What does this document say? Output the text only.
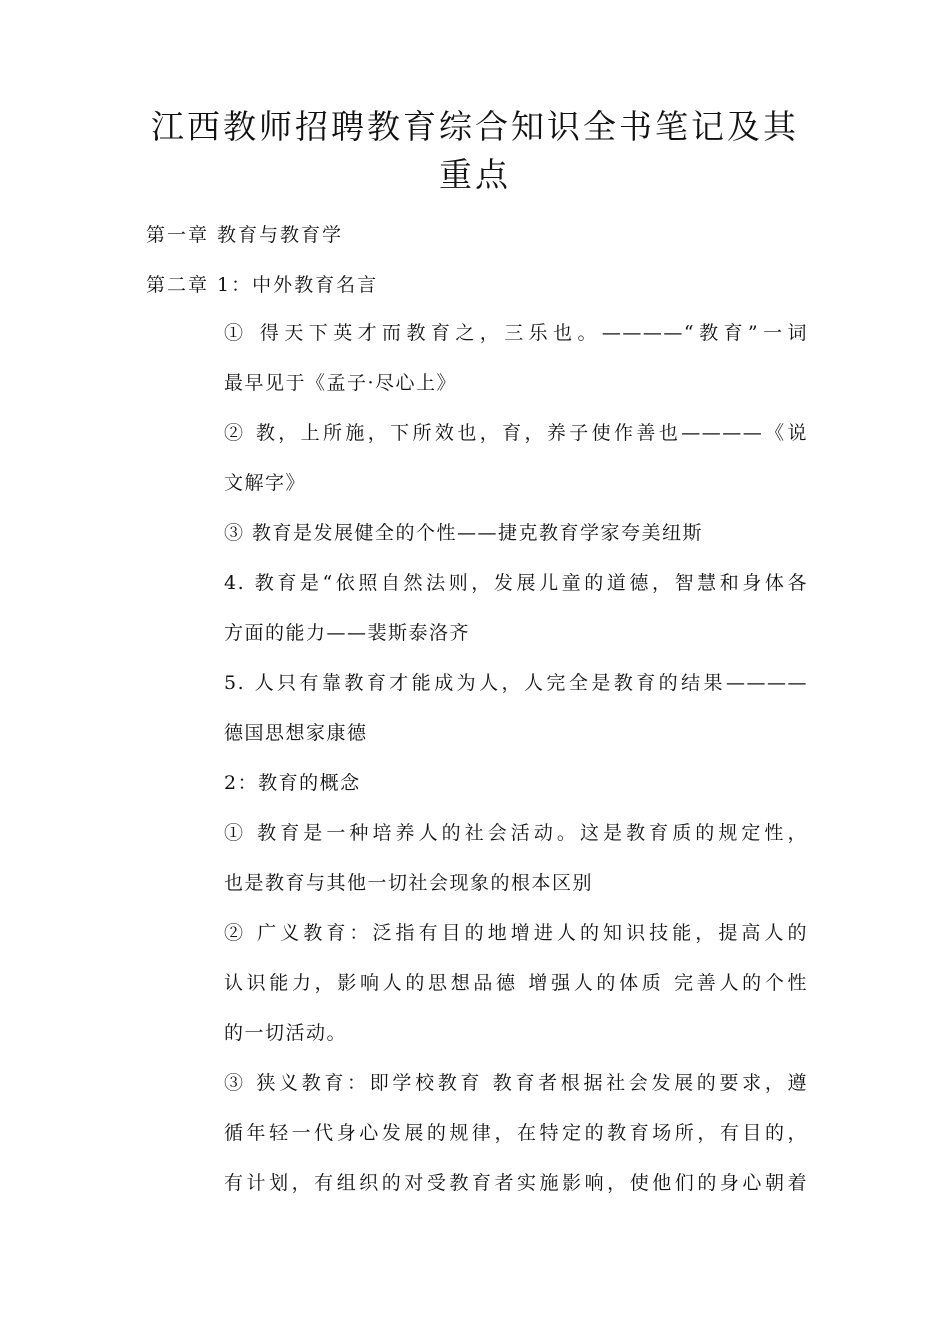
江西教师招聘教育综合知识全书笔记及其
重点
第一章 教育与教育学
第二章 1：中外教育名言
① 得天下英才而教育之，三乐也。————“教育”一词
最早见于《孟子·尽心上》
② 教，上所施，下所效也，育，养子使作善也————《说
文解字》
③ 教育是发展健全的个性——捷克教育学家夸美纽斯
4. 教育是“依照自然法则，发展儿童的道德，智慧和身体各
方面的能力——裴斯泰洛齐
5. 人只有靠教育才能成为人，人完全是教育的结果————
德国思想家康德
2：教育的概念
① 教育是一种培养人的社会活动。这是教育质的规定性，
也是教育与其他一切社会现象的根本区别
② 广义教育：泛指有目的地增进人的知识技能，提高人的
认识能力，影响人的思想品德 增强人的体质 完善人的个性
的一切活动。
③ 狭义教育：即学校教育 教育者根据社会发展的要求，遵
循年轻一代身心发展的规律，在特定的教育场所，有目的，
有计划，有组织的对受教育者实施影响，使他们的身心朝着
